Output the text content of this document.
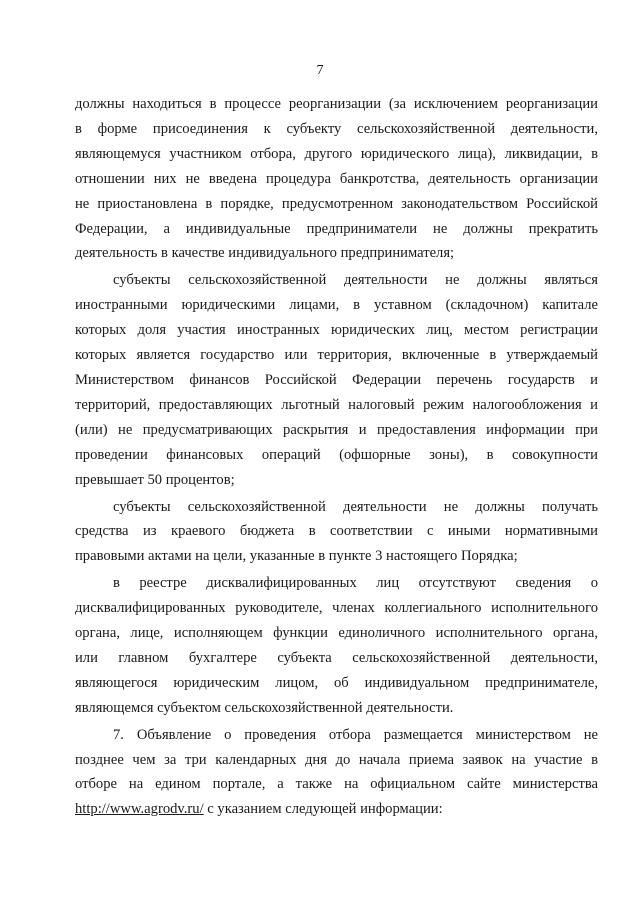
7

должны находиться в процессе реорганизации (за исключением реорганизации
в форме присоединения к субъекту сельскохозяйственной деятельности,
являющемуся участником отбора, другого юридического лица), ликвидации, в
отношении них не введена процедура банкротства, деятельность организации
не приостановлена в порядке, предусмотренном законодательством Российской
Федерации, а индивидуальные предприниматели не должны прекратить
деятельность в качестве индивидуального предпринимателя;

субъекты сельскохозяйственной деятельности не должны являться
иностранными юридическими лицами, в уставном (складочном) капитале
которых доля участия иностранных юридических лиц, местом регистрации
которых является государство или территория, включенные в утверждаемый
Министерством финансов Российской Федерации перечень государств и
территорий, предоставляющих льготный налоговый режим налогообложения и
(или) не предусматривающих раскрытия и предоставления информации при
проведении финансовых операций (офшорные зоны), в совокупности
превышает 50 процентов;

субъекты сельскохозяйственной деятельности не должны получать
средства из краевого бюджета в соответствии с иными нормативными
правовыми актами на цели, указанные в пункте 3 настоящего Порядка;

в реестре дисквалифицированных лиц отсутствуют сведения о
дисквалифицированных руководителе, членах коллегиального исполнительного
органа, лице, исполняющем функции единоличного исполнительного органа,
или главном бухгалтере субъекта сельскохозяйственной деятельности,
являющегося юридическим лицом, об индивидуальном предпринимателе,
являющемся субъектом сельскохозяйственной деятельности.

7. Объявление о проведения отбора размещается министерством не
позднее чем за три календарных дня до начала приема заявок на участие в
отборе на едином портале, а также на официальном сайте министерства
http://www.agrodv.ru/ с указанием следующей информации:
